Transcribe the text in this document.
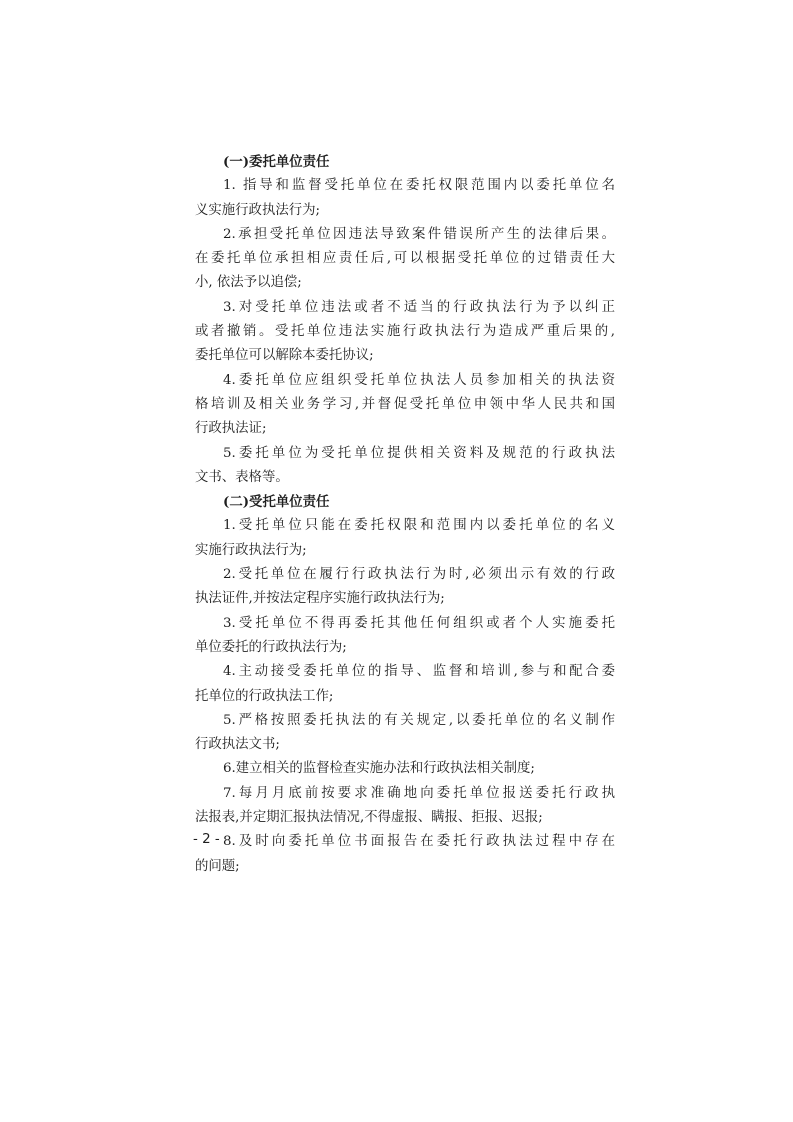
(一)委托单位责任
1. 指导和监督受托单位在委托权限范围内以委托单位名
义实施行政执法行为;
2.承担受托单位因违法导致案件错误所产生的法律后果。
在委托单位承担相应责任后,可以根据受托单位的过错责任大
小, 依法予以追偿;
3.对受托单位违法或者不适当的行政执法行为予以纠正
或者撤销。受托单位违法实施行政执法行为造成严重后果的,
委托单位可以解除本委托协议;
4.委托单位应组织受托单位执法人员参加相关的执法资
格培训及相关业务学习,并督促受托单位申领中华人民共和国
行政执法证;
5.委托单位为受托单位提供相关资料及规范的行政执法
文书、表格等。
(二)受托单位责任
1.受托单位只能在委托权限和范围内以委托单位的名义
实施行政执法行为;
2.受托单位在履行行政执法行为时,必须出示有效的行政
执法证件,并按法定程序实施行政执法行为;
3.受托单位不得再委托其他任何组织或者个人实施委托
单位委托的行政执法行为;
4.主动接受委托单位的指导、监督和培训,参与和配合委
托单位的行政执法工作;
5.严格按照委托执法的有关规定,以委托单位的名义制作
行政执法文书;
6.建立相关的监督检查实施办法和行政执法相关制度;
7.每月月底前按要求准确地向委托单位报送委托行政执
法报表,并定期汇报执法情况,不得虚报、瞒报、拒报、迟报;
8.及时向委托单位书面报告在委托行政执法过程中存在
的问题;
- 2 -
